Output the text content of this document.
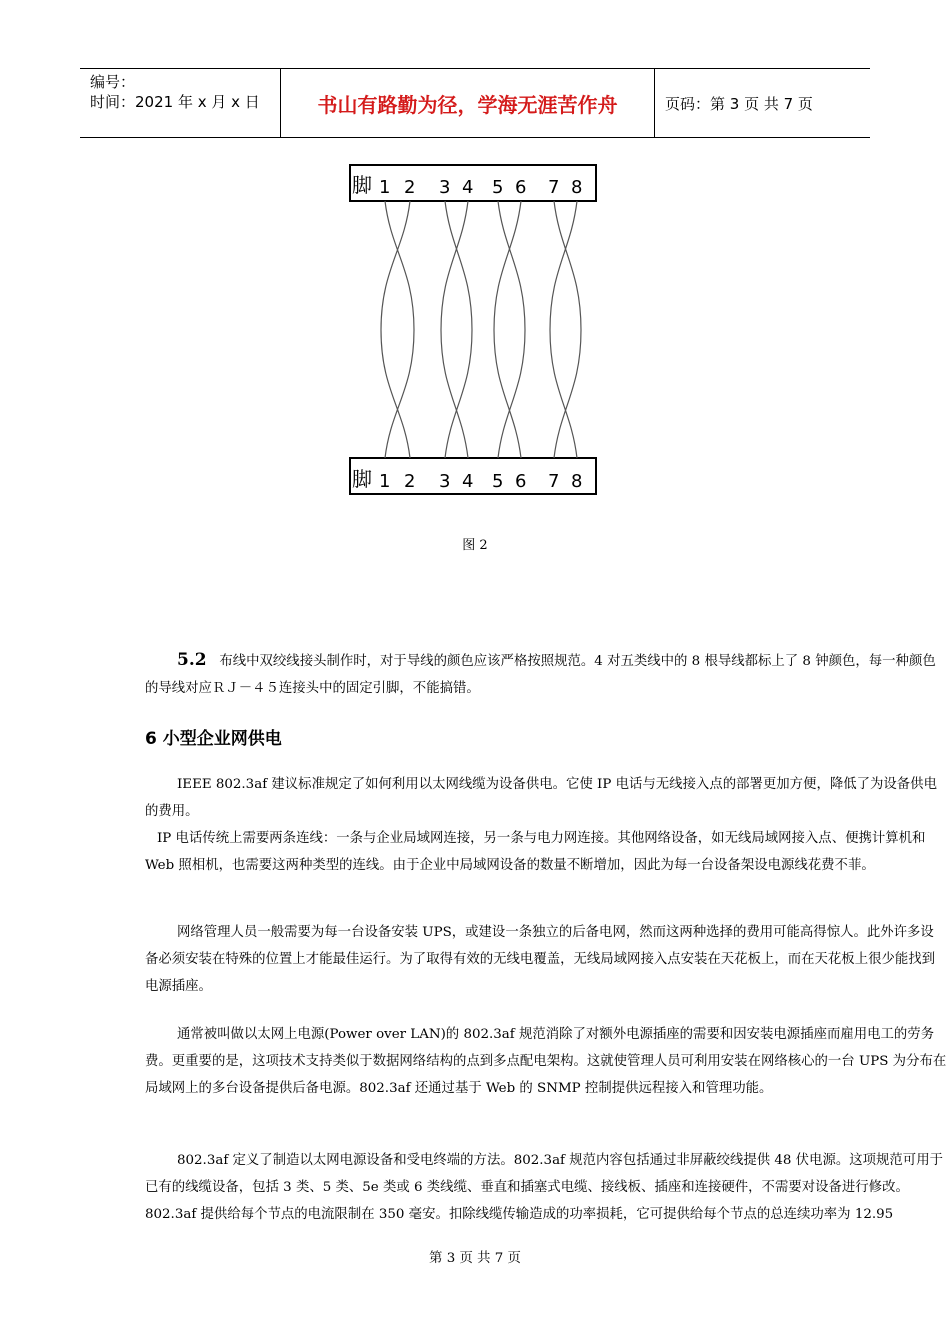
编号：
时间：2021 年 x 月 x 日	书山有路勤为径，学海无涯苦作舟	页码：第 3 页 共 7 页
脚
脚
1 2 3 4 5 6 7 8
1 2 3 4 5 6 7 8
图 2

5.2 布线中双绞线接头制作时，对于导线的颜色应该严格按照规范。4 对五类线中的 8 根导线都标上了 8 钟颜色，每一种颜色的导线对应ＲＪ－４５连接头中的固定引脚，不能搞错。

6 小型企业网供电

IEEE 802.3af 建议标准规定了如何利用以太网线缆为设备供电。它使 IP 电话与无线接入点的部署更加方便，降低了为设备供电的费用。

IP 电话传统上需要两条连线：一条与企业局域网连接，另一条与电力网连接。其他网络设备，如无线局域网接入点、便携计算机和 Web 照相机，也需要这两种类型的连线。由于企业中局域网设备的数量不断增加，因此为每一台设备架设电源线花费不菲。

网络管理人员一般需要为每一台设备安装 UPS，或建设一条独立的后备电网，然而这两种选择的费用可能高得惊人。此外许多设备必须安装在特殊的位置上才能最佳运行。为了取得有效的无线电覆盖，无线局域网接入点安装在天花板上，而在天花板上很少能找到电源插座。

通常被叫做以太网上电源(Power over LAN)的 802.3af 规范消除了对额外电源插座的需要和因安装电源插座而雇用电工的劳务费。更重要的是，这项技术支持类似于数据网络结构的点到多点配电架构。这就使管理人员可利用安装在网络核心的一台 UPS 为分布在局域网上的多台设备提供后备电源。802.3af 还通过基于 Web 的 SNMP 控制提供远程接入和管理功能。

802.3af 定义了制造以太网电源设备和受电终端的方法。802.3af 规范内容包括通过非屏蔽绞线提供 48 伏电源。这项规范可用于已有的线缆设备，包括 3 类、5 类、5e 类或 6 类线缆、垂直和插塞式电缆、接线板、插座和连接硬件，不需要对设备进行修改。802.3af 提供给每个节点的电流限制在 350 毫安。扣除线缆传输造成的功率损耗，它可提供给每个节点的总连续功率为 12.95

第 3 页 共 7 页
